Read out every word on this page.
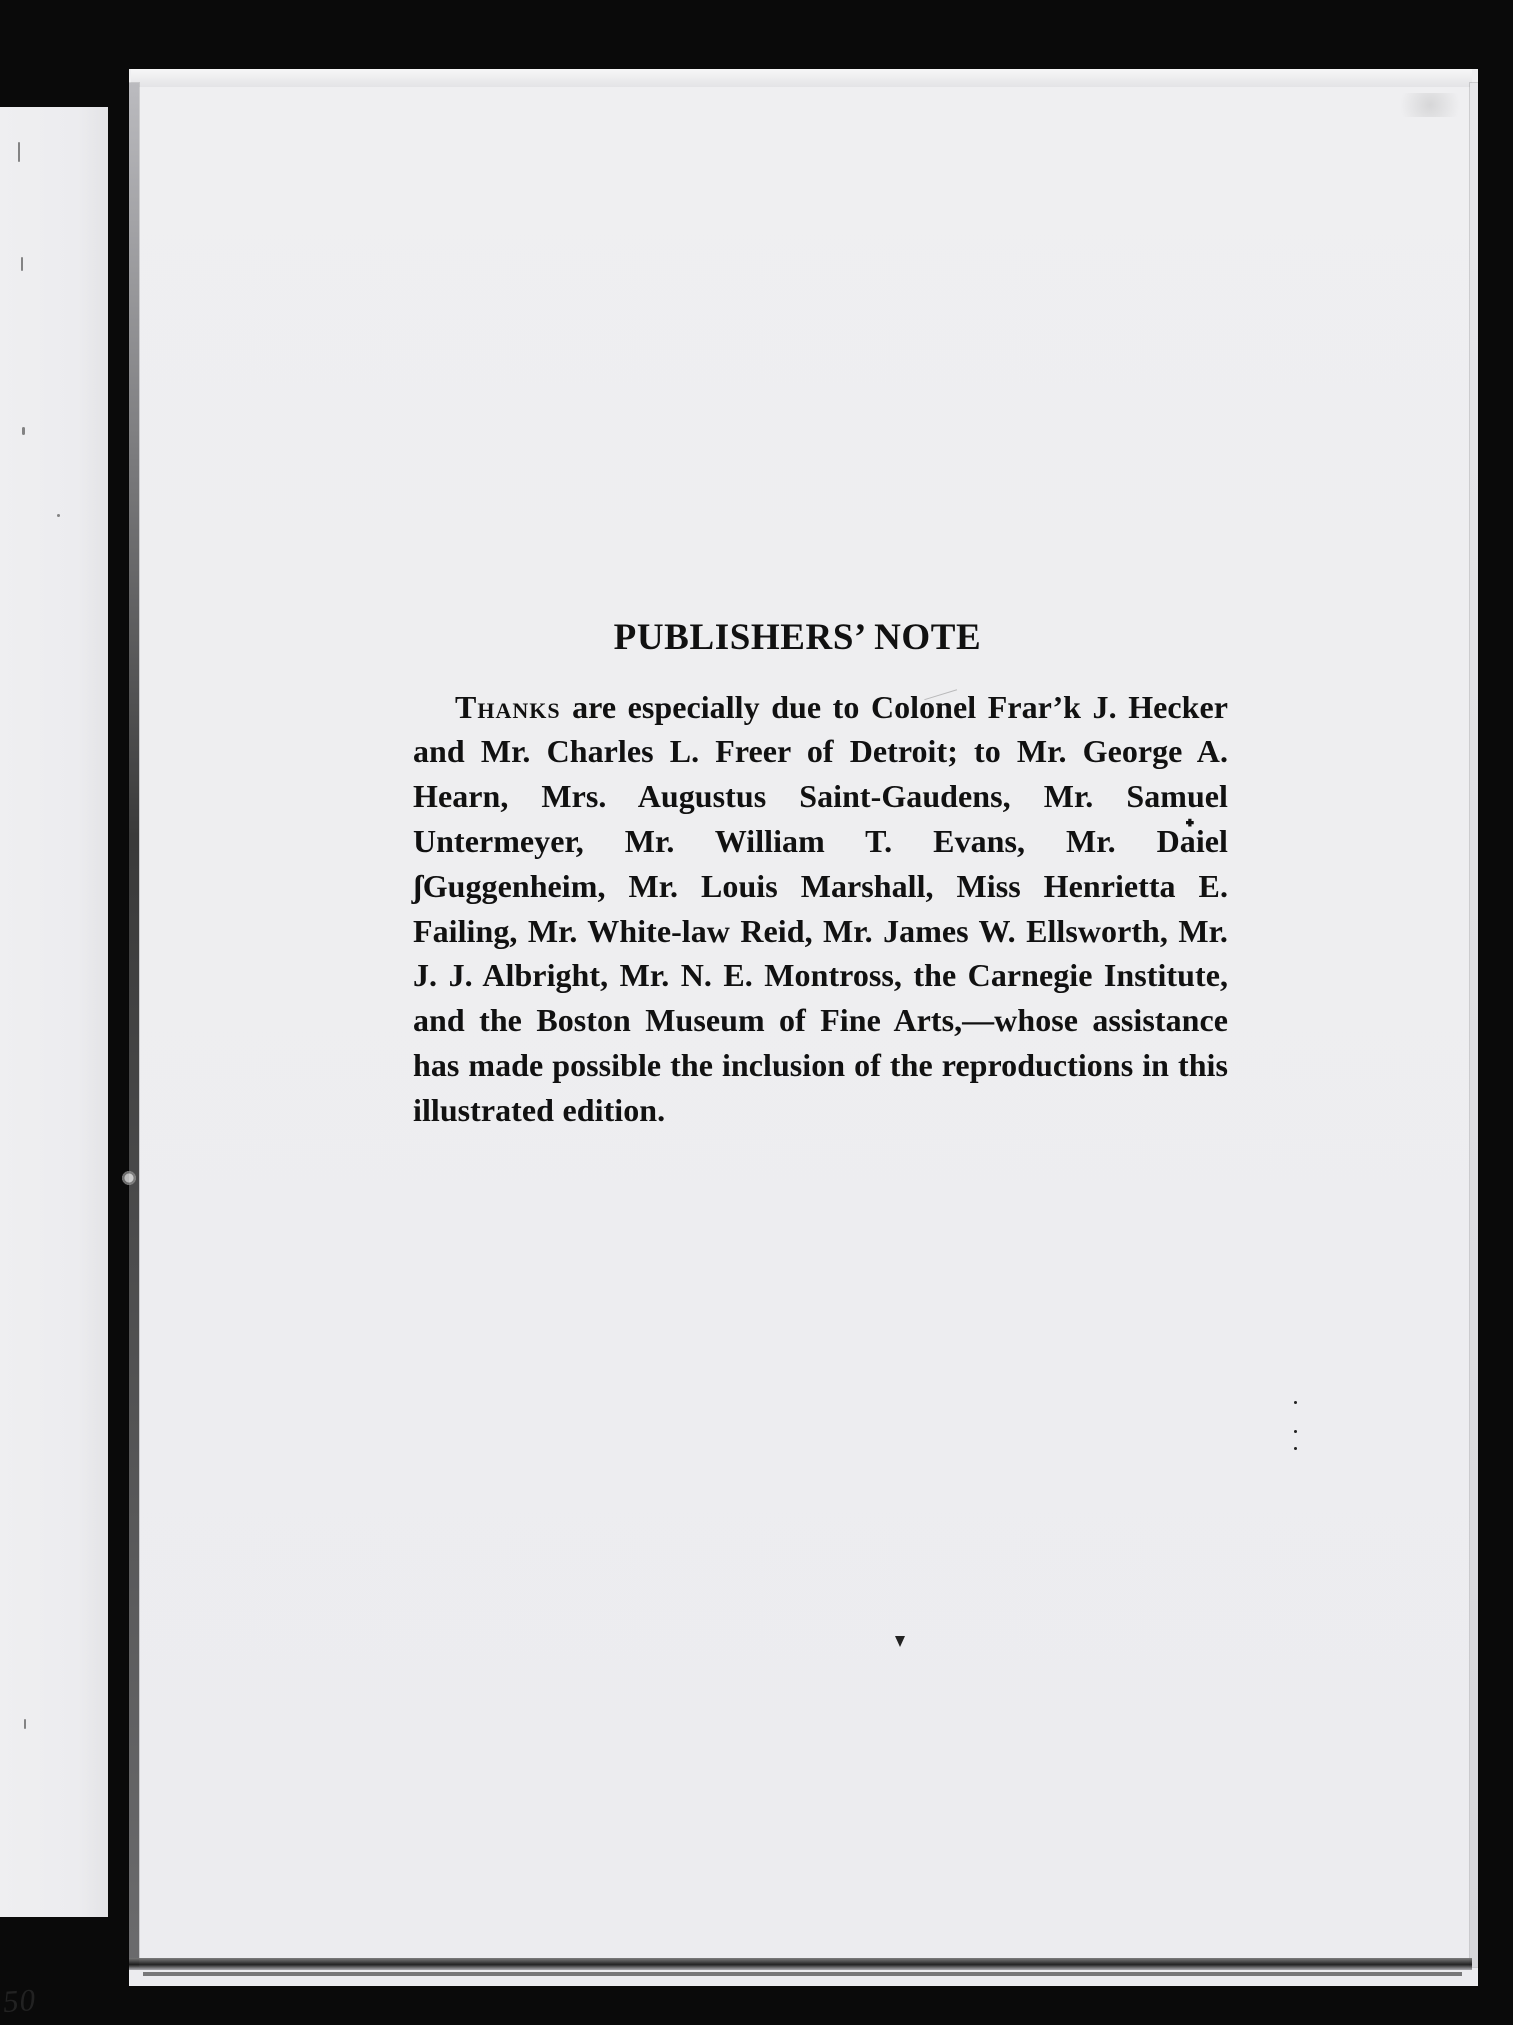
50
PUBLISHERS’ NOTE

Thanks are especially due to Colonel Frar’k J. Hecker and Mr. Charles L. Freer of Detroit; to Mr. George A. Hearn, Mrs. Augustus Saint-Gaudens, Mr. Samuel Untermeyer, Mr. William T. Evans, Mr. Da๋iel ʃGuggenheim, Mr. Louis Marshall, Miss Henrietta E. Failing, Mr. White-law Reid, Mr. James W. Ellsworth, Mr. J. J. Albright, Mr. N. E. Montross, the Carnegie Institute, and the Boston Museum of Fine Arts,—whose assistance has made possible the inclusion of the reproductions in this illustrated edition.
